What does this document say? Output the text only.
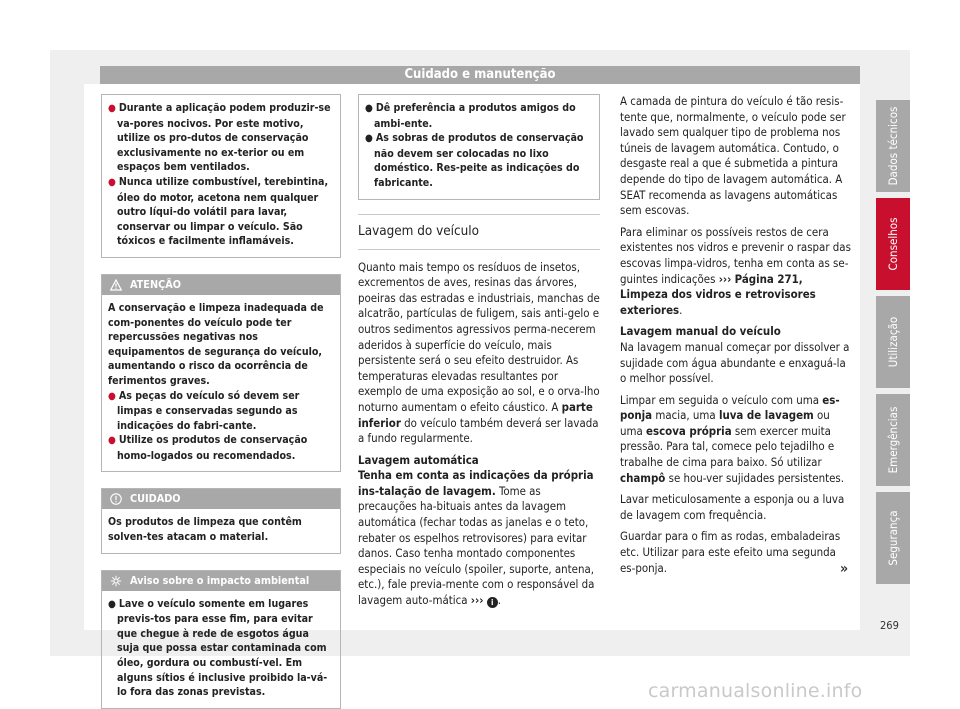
Cuidado e manutenção

● Durante a aplicação podem produzir-se va-pores nocivos. Por este motivo, utilize os pro-dutos de conservação exclusivamente no ex-terior ou em espaços bem ventilados.

● Nunca utilize combustível, terebintina, óleo do motor, acetona nem qualquer outro líqui-do volátil para lavar, conservar ou limpar o veículo. São tóxicos e facilmente inflamáveis.

ATENÇÃO

A conservação e limpeza inadequada de com-ponentes do veículo pode ter repercussões negativas nos equipamentos de segurança do veículo, aumentando o risco da ocorrência de ferimentos graves.

● As peças do veículo só devem ser limpas e conservadas segundo as indicações do fabri-cante.

● Utilize os produtos de conservação homo-logados ou recomendados.

CUIDADO

Os produtos de limpeza que contêm solven-tes atacam o material.

Aviso sobre o impacto ambiental

● Lave o veículo somente em lugares previs-tos para esse fim, para evitar que chegue à rede de esgotos água suja que possa estar contaminada com óleo, gordura ou combustí-vel. Em alguns sítios é inclusive proibido la-vá-lo fora das zonas previstas.

● Dê preferência a produtos amigos do ambi-ente.

● As sobras de produtos de conservação não devem ser colocadas no lixo doméstico. Res-peite as indicações do fabricante.

Lavagem do veículo

Quanto mais tempo os resíduos de insetos, excrementos de aves, resinas das árvores, poeiras das estradas e industriais, manchas de alcatrão, partículas de fuligem, sais anti-gelo e outros sedimentos agressivos perma-necerem aderidos à superfície do veículo, mais persistente será o seu efeito destruidor. As temperaturas elevadas resultantes por exemplo de uma exposição ao sol, e o orva-lho noturno aumentam o efeito cáustico. A parte inferior do veículo também deverá ser lavada a fundo regularmente.

Lavagem automática

Tenha em conta as indicações da própria ins-talação de lavagem. Tome as precauções ha-bituais antes da lavagem automática (fechar todas as janelas e o teto, rebater os espelhos retrovisores) para evitar danos. Caso tenha montado componentes especiais no veículo (spoiler, suporte, antena, etc.), fale previa-mente com o responsável da lavagem auto-mática ››› i .

A camada de pintura do veículo é tão resis-tente que, normalmente, o veículo pode ser lavado sem qualquer tipo de problema nos túneis de lavagem automática. Contudo, o desgaste real a que é submetida a pintura depende do tipo de lavagem automática. A SEAT recomenda as lavagens automáticas sem escovas.

Para eliminar os possíveis restos de cera existentes nos vidros e prevenir o raspar das escovas limpa-vidros, tenha em conta as se-guintes indicações ››› Página 271, Limpeza dos vidros e retrovisores exteriores.

Lavagem manual do veículo

Na lavagem manual começar por dissolver a sujidade com água abundante e enxaguá-la o melhor possível.

Limpar em seguida o veículo com uma es-ponja macia, uma luva de lavagem ou uma escova própria sem exercer muita pressão. Para tal, comece pelo tejadilho e trabalhe de cima para baixo. Só utilizar champô se hou-ver sujidades persistentes.

Lavar meticulosamente a esponja ou a luva de lavagem com frequência.

Guardar para o fim as rodas, embaladeiras etc. Utilizar para este efeito uma segunda es-ponja.	»
Dados técnicos
Conselhos
Utilização
Emergências
Segurança
269
carmanualsonline.info
